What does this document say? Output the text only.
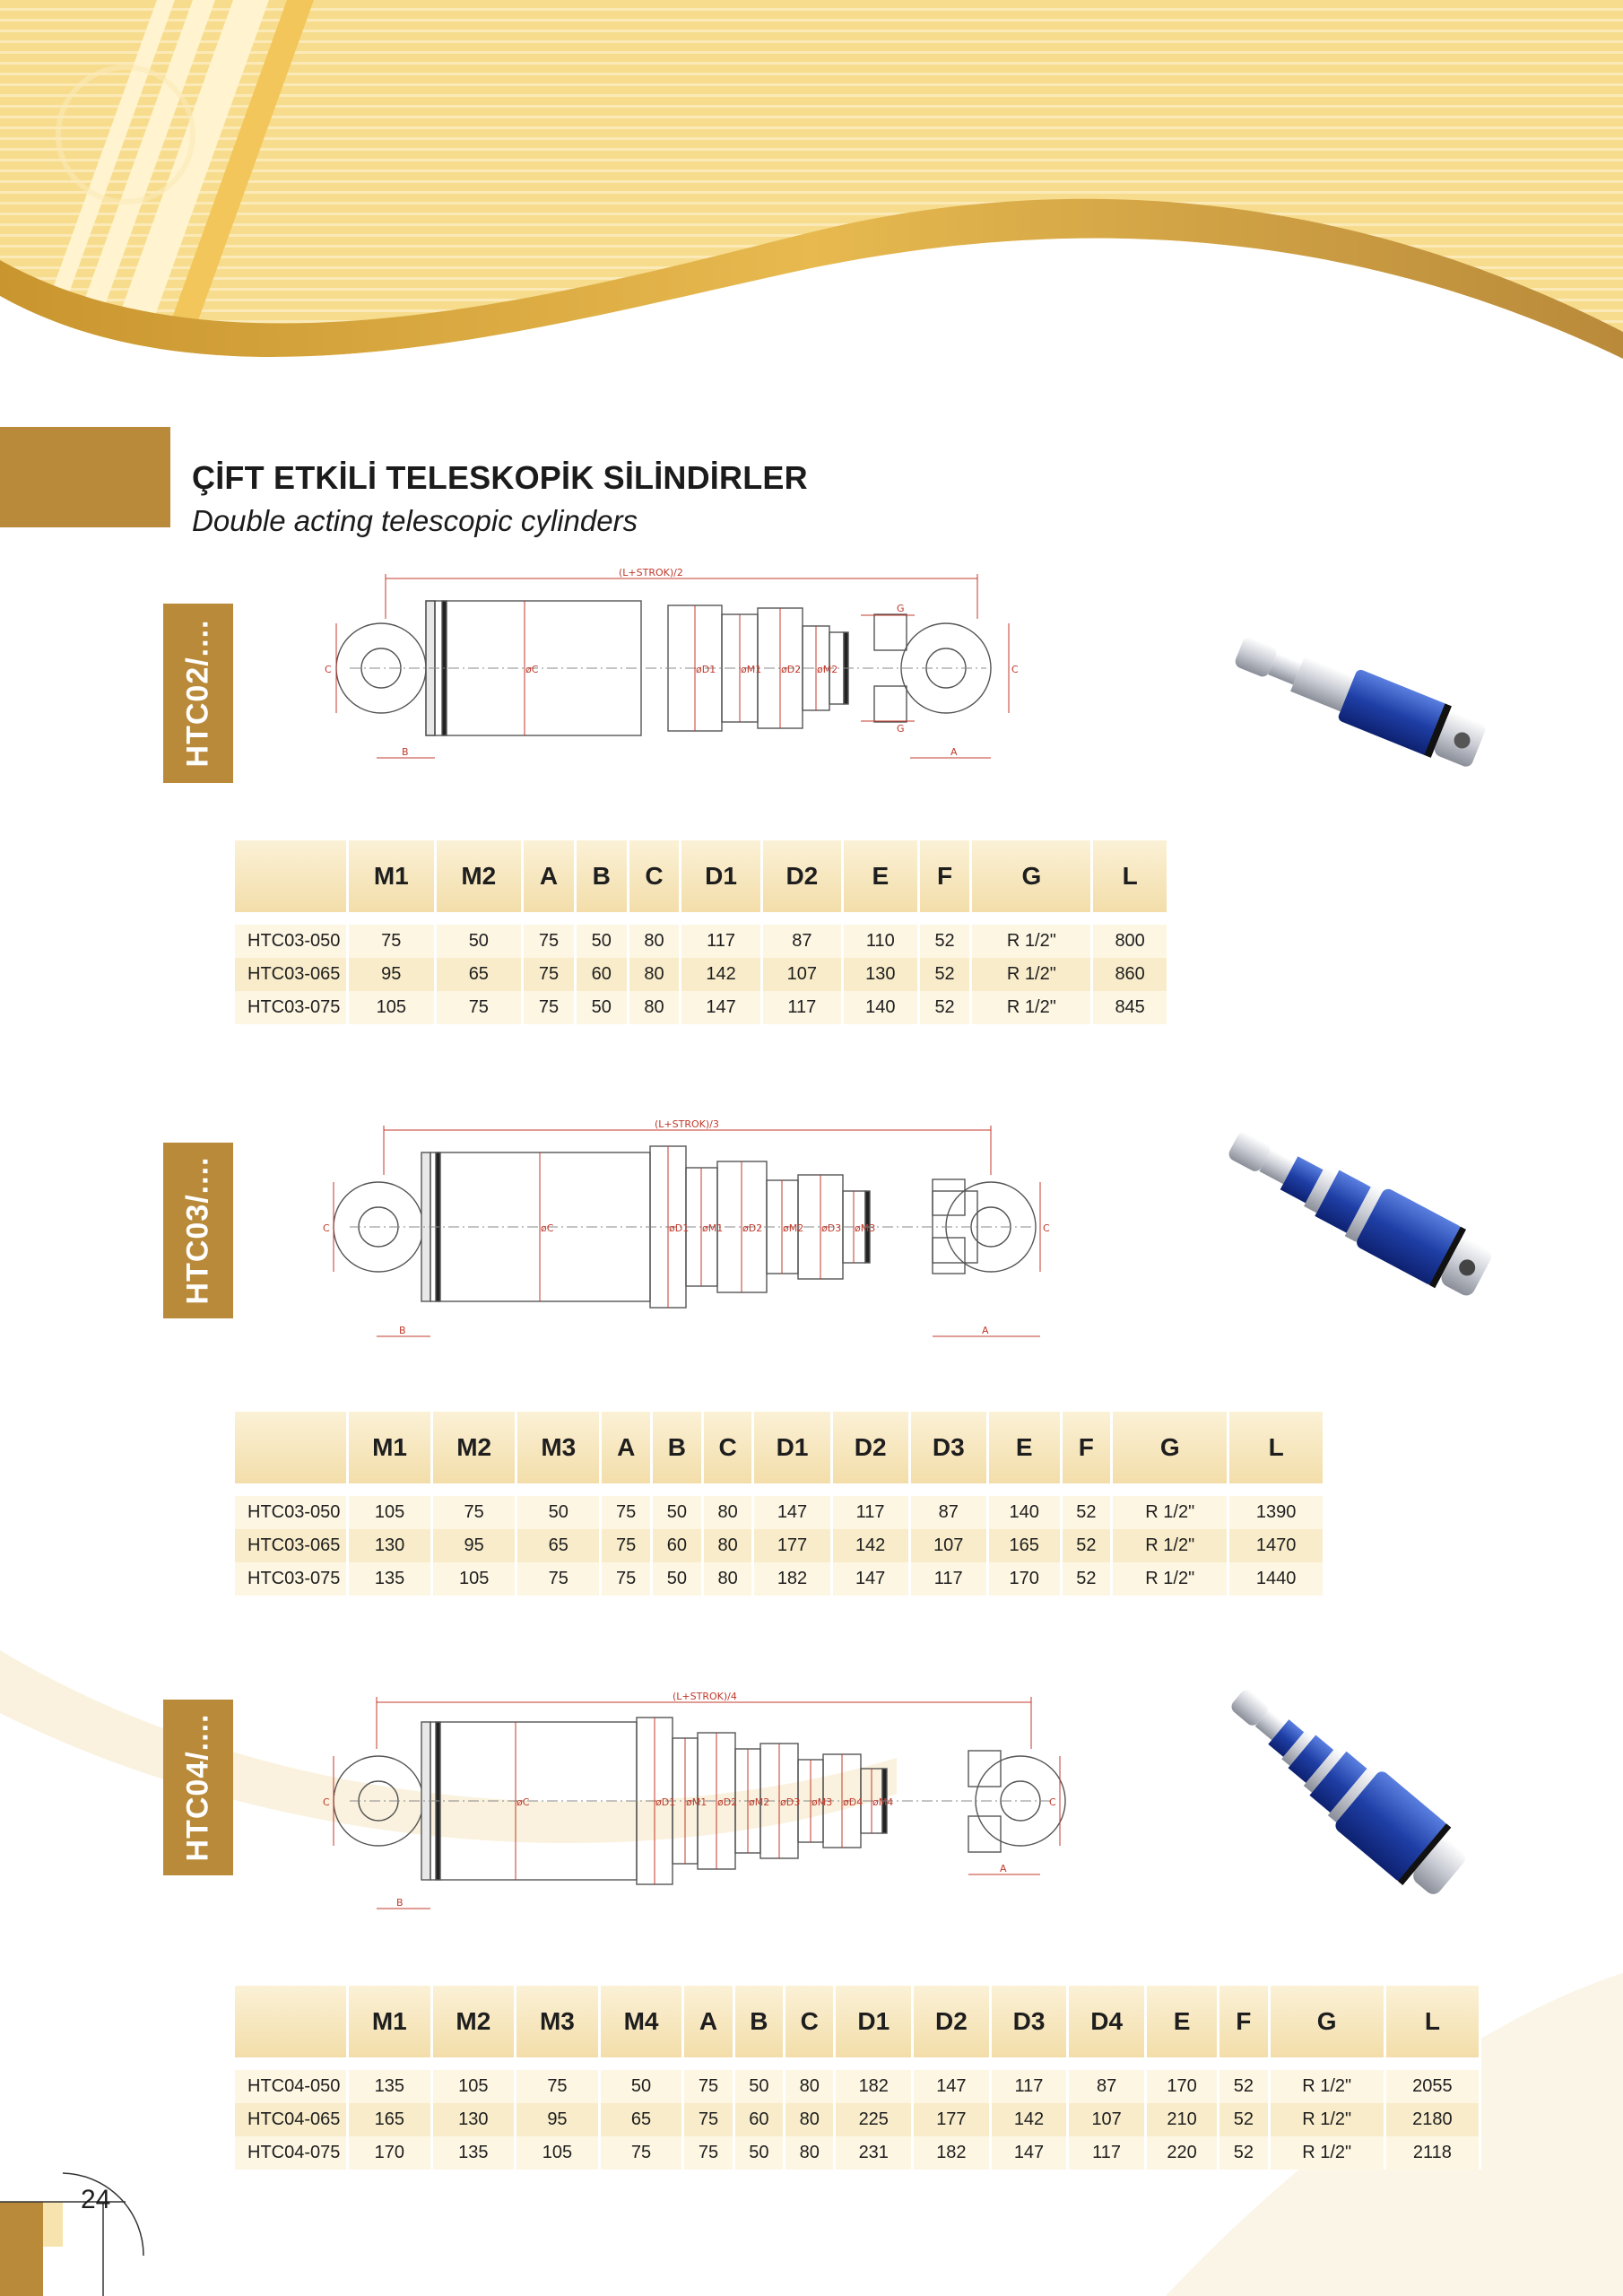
ÇİFT ETKİLİ TELESKOPİK SİLİNDİRLER
Double acting telescopic cylinders
HTC02/....
(L+STROK)/2
C	øC	øD1	øM1 øD2 øM2	C
B	A
G
G
	M1	M2	A	B	C	D1	D2	E	F	G	L

HTC03-050	75	50	75	50	80	117	87	110	52	R 1/2"	800
HTC03-065	95	65	75	60	80	142	107	130	52	R 1/2"	860
HTC03-075	105	75	75	50	80	147	117	140	52	R 1/2"	845
HTC03/....
(L+STROK)/3
C	øC	øD1 øM1 øD2 øM2 øD3 øM3	C
B	A
	M1	M2	M3	A	B	C	D1	D2	D3	E	F	G	L

HTC03-050	105	75	50	75	50	80	147	117	87	140	52	R 1/2"	1390
HTC03-065	130	95	65	75	60	80	177	142	107	165	52	R 1/2"	1470
HTC03-075	135	105	75	75	50	80	182	147	117	170	52	R 1/2"	1440
HTC04/....
(L+STROK)/4
C	øC	øD1 øM1 øD2 øM2 øD3 øM3 øD4 øM4	C
B
A
	M1	M2	M3	M4	A	B	C	D1	D2	D3	D4	E	F	G	L

HTC04-050	135	105	75	50	75	50	80	182	147	117	87	170	52	R 1/2"	2055
HTC04-065	165	130	95	65	75	60	80	225	177	142	107	210	52	R 1/2"	2180
HTC04-075	170	135	105	75	75	50	80	231	182	147	117	220	52	R 1/2"	2118
24
